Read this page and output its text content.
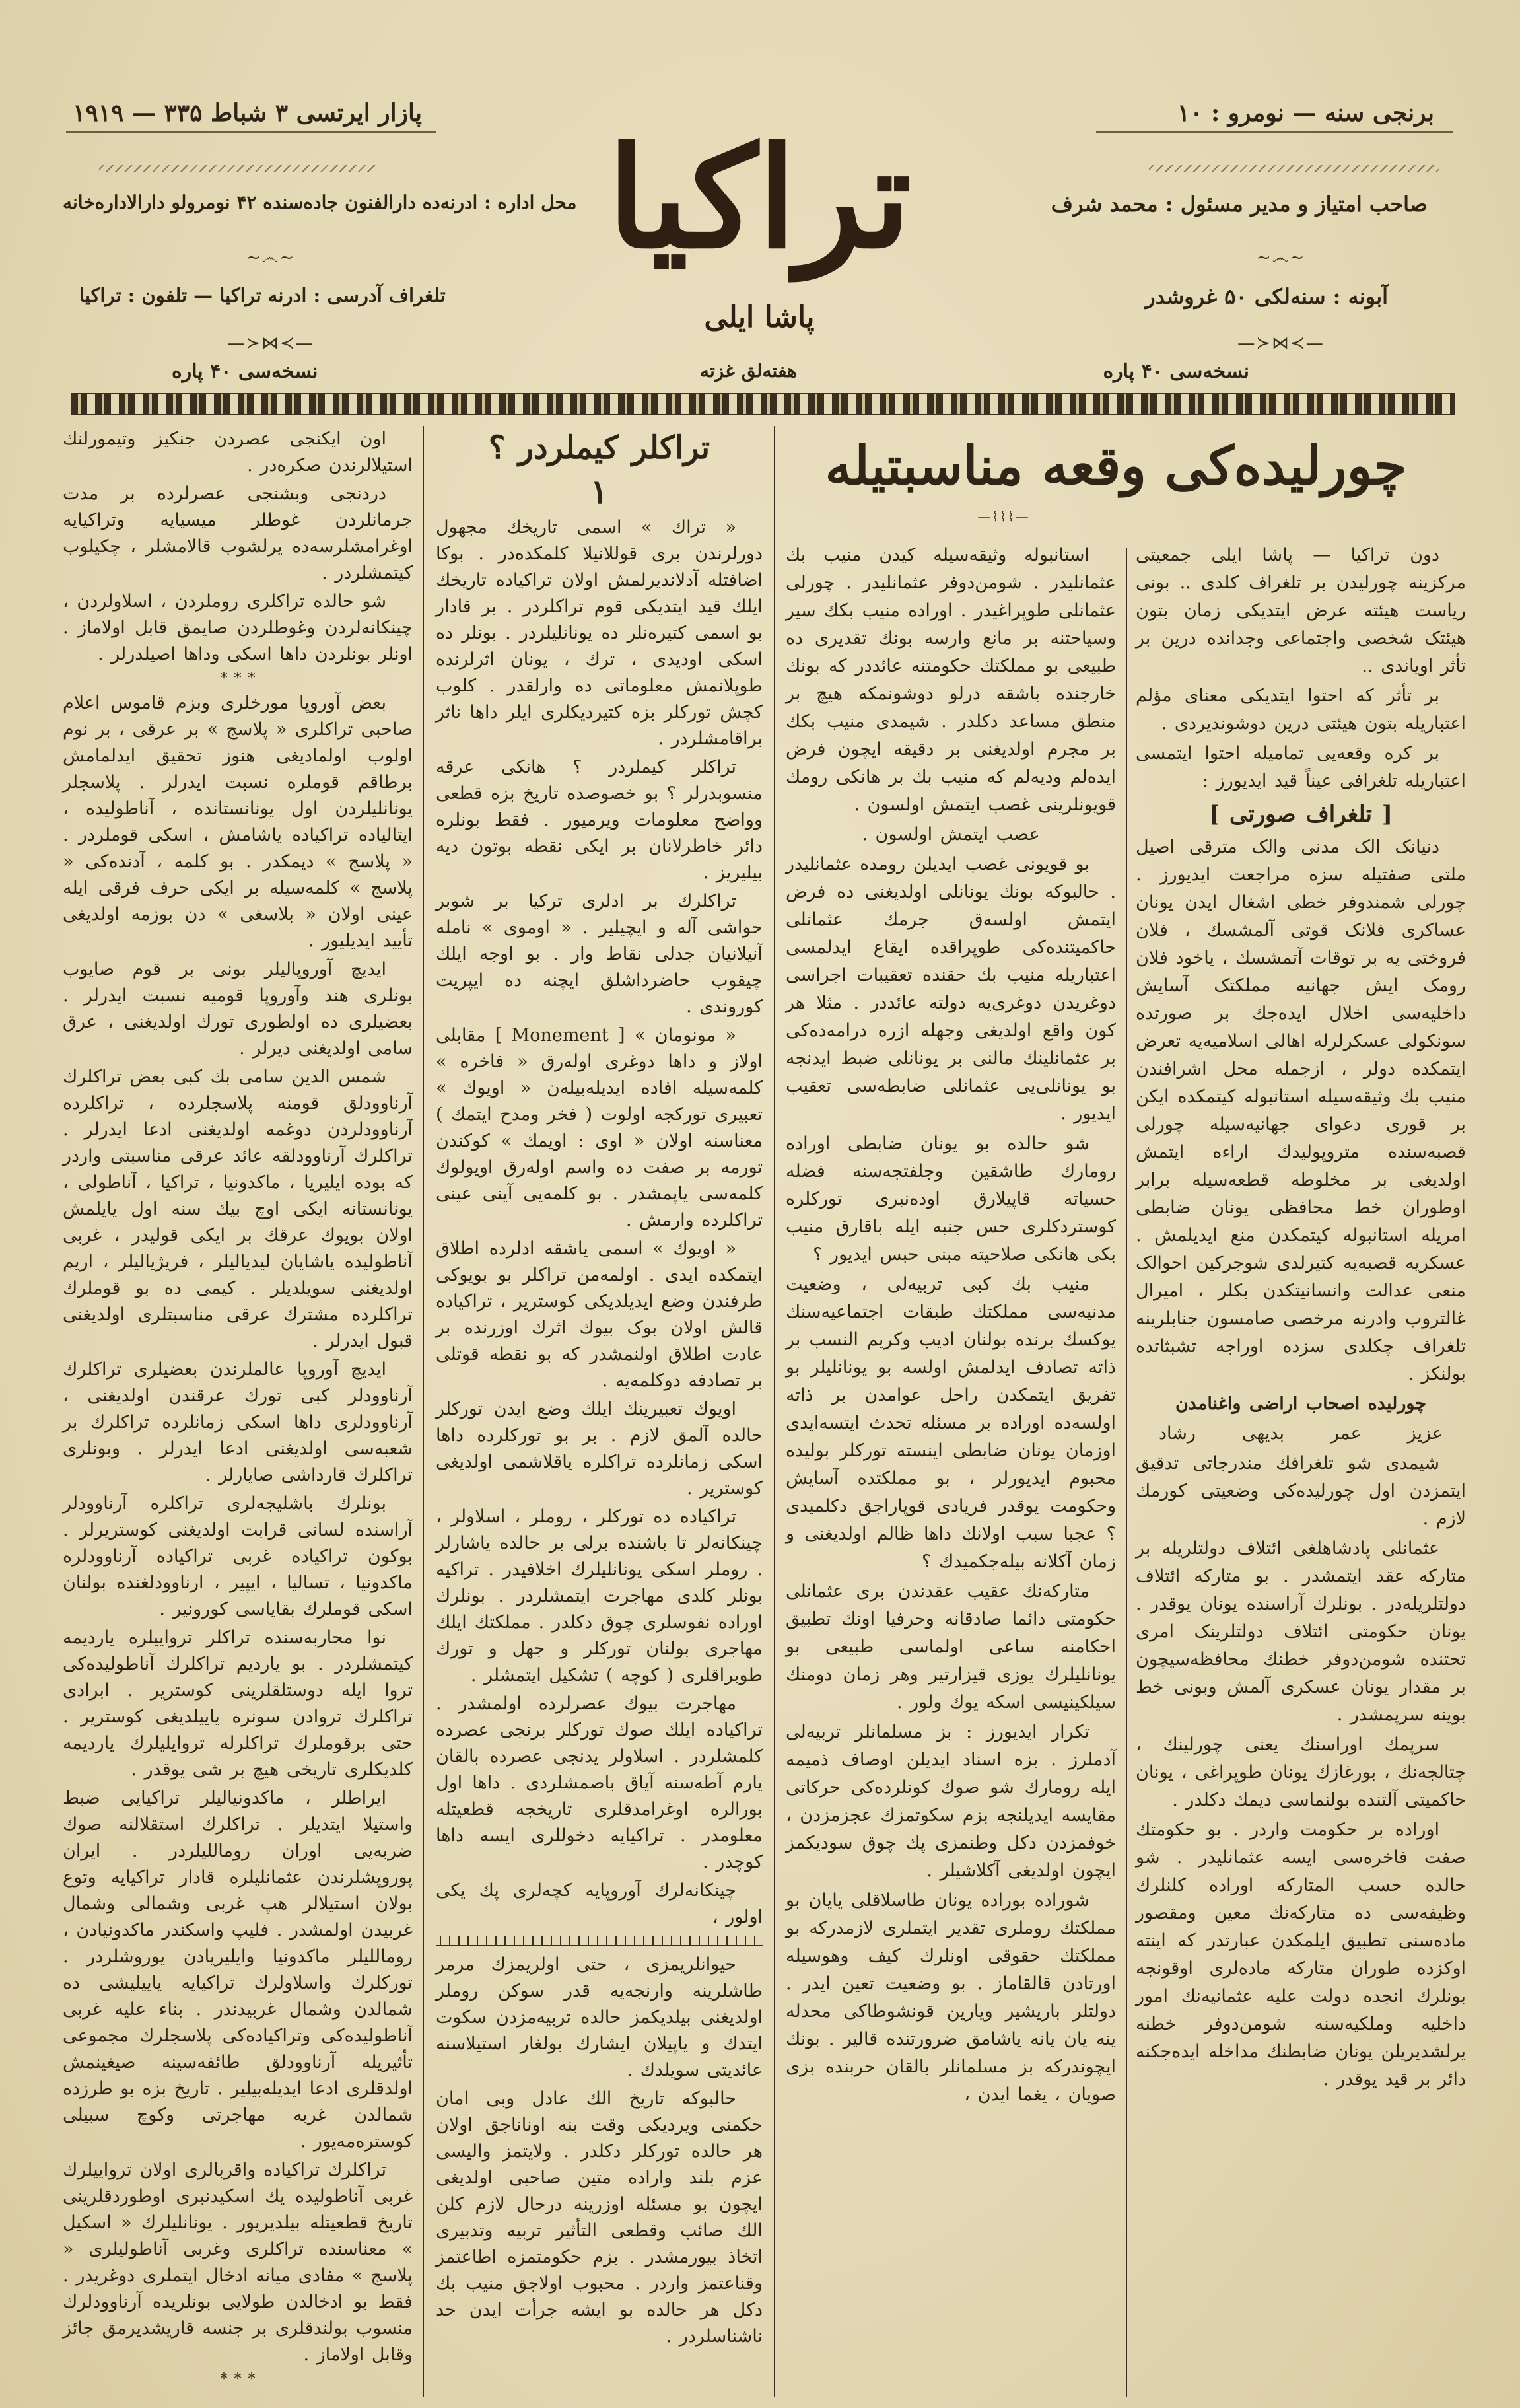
برنجی سنه — نومرو : ۱۰
پازار ایرتسی ۳ شباط ۳۳۵ — ۱۹۱۹
صاحب امتیاز و مدیر مسئول : محمد شرف
محل اداره : ادرنه‌ده دارالفنون جاده‌سنده ۴۲ نومرولو دار‌الاداره‌خانه
~෴~
~෴~
آبونه : سنه‌لکی ۵۰ غروشدر
تلغراف آدرسی : ادرنه تراکیا — تلفون : تراکیا
—≻⋈≺—
—≻⋈≺—
تراكيا
پاشا ایلی
نسخه‌سی ۴۰ پاره
هفته‌لق غزته
نسخه‌سی ۴۰ پاره
چورلیده‌کی وقعه مناسبتیله
—⌇⌇⌇—

دون تراکیا — پاشا ایلی جمعیتی مرکزینه چورلیدن بر تلغراف کلدی .. بونی ریاست هیئته عرض ایتدیکی زمان بتون هیئتک شخصی واجتماعی وجدانده درین بر تأثر اویاندی ..

بر تأثر که احتوا ایتدیکی معنای مؤلم اعتباریله بتون هیئتی درین دوشوندیردی .

بر کره وقعه‌یی تمامیله احتوا ایتمسی اعتباریله تلغرافی عیناً قید ایدیورز :

[ تلغراف صورتی ]

دنیانک الک مدنی والک مترقی اصیل ملتی صفتیله سزه مراجعت ایدیورز . چورلی شمندوفر خطی اشغال ایدن یونان عساکری فلانک قوتی آلمشسك ، فلان فروختی یه بر توقات آتمشسك ، یاخود فلان رومک ایش جهانیه مملکتک آسایش داخلیه‌سی اخلال ایده‌جك بر صورتده سونکولی عسکرلرله اهالی اسلامیه‌یه تعرض ایتمکده دولر ، ازجمله محل اشرافندن منیب بك وثیقه‌سیله استانبوله کیتمکده ایکن بر قوری دعوای جهانیه‌سیله چورلی قصبه‌سنده متروپولیدك اراءه ایتمش اولدیغی بر مخلوطه قطعه‌سیله برابر اوطوران خط محافظی یونان ضابطی امریله استانبوله کیتمکدن منع ایدیلمش . عسکریه قصبه‌یه کتیرلدی شوجرکین احوالک منعی عدالت وانسانیتکدن بکلر ، امیرال غالتروب وادرنه مرخصی صامسون جنابلرینه تلغراف چکلدی سزده اوراجه تشبثاتده بولنکز .

چورلیده اصحاب اراضی واغنامدن

عزیز
عمر
بدیهی
رشاد

شیمدی شو تلغرافك مندرجاتی تدقیق ایتمزدن اول چورلیده‌کی وضعیتی کورمك لازم .

عثمانلی پادشاهلغی ائتلاف دولتلریله بر متارکه عقد ایتمشدر . بو متارکه ائتلاف دولتلریله‌در . بونلرك آراسنده یونان یوقدر . یونان حکومتی ائتلاف دولتلرینک امری تحتنده شومن‌دوفر خطنك محافظه‌سیچون بر مقدار یونان عسکری آلمش وبونی خط بوینه سرپمشدر .

سرپمك اوراسنك یعنی چورلینك ، چتالجه‌نك ، بورغازك یونان طوپراغی ، یونان حاکمیتی آلتنده بولنماسی دیمك دکلدر .

اوراده بر حکومت واردر . بو حکومتك صفت فاخره‌سی ایسه عثمانلیدر . شو حالده حسب المتارکه اوراده کلنلرك وظیفه‌سی ده متارکه‌نك معین ومقصور ماده‌سنی تطبیق ایلمکدن عبارتدر که اینته اوکزده طوران متارکه ماده‌لری اوقونجه بونلرك انجده دولت علیه عثمانیه‌نك امور داخلیه وملکیه‌سنه شومن‌دوفر خطنه یرلشدیریلن یونان ضابطنك مداخله ایده‌جکنه دائر بر قید یوقدر .

استانبوله وثیقه‌سیله کیدن منیب بك عثمانلیدر . شومن‌دوفر عثمانلیدر . چورلی عثمانلی طوپراغیدر . اوراده منیب بکك سیر وسیاحتنه بر مانع وارسه بونك تقدیری ده طبیعی بو مملکتك حکومتنه عائددر که بونك خارجنده باشقه درلو دوشونمکه هیچ بر منطق مساعد دکلدر . شیمدی منیب بکك بر مجرم اولدیغنی بر دقیقه ایچون فرض ایده‌لم ودیه‌لم که منیب بك بر هانکی رومك قویونلرینی غصب ایتمش اولسون .

عصب ایتمش اولسون .

بو قویونی غصب ایدیلن رومده عثمانلیدر . حالبوکه بونك یونانلی اولدیغنی ده فرض ایتمش اولسه‌ق جرمك عثمانلی حاکمیتنده‌کی طوپراقده ایقاع ایدلمسی اعتباریله منیب بك حقنده تعقیبات اجراسی دوغریدن دوغری‌یه دولته عائددر . مثلا هر کون واقع اولدیغی وجهله ازره درامه‌ده‌کی بر عثمانلینك مالنی بر یونانلی ضبط ایدنجه بو یونانلی‌یی عثمانلی ضابطه‌سی تعقیب ایدیور .

شو حالده بو یونان ضابطی اوراده رومارك طاشقین وجلفتجه‌سنه فضله حسیاته قاپیلارق اوده‌نبری تورکلره کوستردکلری حس جنبه ایله باقارق منیب بکی هانکی صلاحیته مبنی حبس ایدیور ؟

منیب بك کبی تربیه‌لی ، وضعیت مدنیه‌سی مملکتك طبقات اجتماعیه‌سنك یوکسك برنده بولنان ادیب وکریم النسب بر ذاته تصادف ایدلمش اولسه بو یونانلیلر بو تفریق ایتمکدن راحل عوامدن بر ذاته اولسه‌ده اوراده بر مسئله تحدث ایتسه‌ایدی اوزمان یونان ضابطی اینسته تورکلر بولیده محبوم ایدیورلر ، بو مملکتده آسایش وحکومت یوقدر فریادی قوپاراجق دکلمیدی ؟ عجبا سبب اولانك داها ظالم اولدیغنی و زمان آکلانه بیله‌جکمیدك ؟

متارکه‌نك عقیب عقدندن بری عثمانلی حکومتی دائما صادقانه وحرفیا اونك تطبیق احکامنه ساعی اولماسی طبیعی بو یونانلیلرك یوزی قیزارتیر وهر زمان دومنك سیلکینیسی اسکه یوك ولور .

تکرار ایدیورز : بز مسلمانلر تربیه‌لی آدملرز . بزه اسناد ایدیلن اوصاف ذمیمه ایله رومارك شو صوك کونلرده‌کی حرکاتی مقایسه ایدیلنجه بزم سکوتمزك عجزمزدن ، خوفمزدن دکل وطنمزی پك چوق سودیکمز ایچون اولدیغی آکلاشیلر .

شوراده بوراده یونان طاسلاقلی یایان بو مملکتك روملری تقدیر ایتملری لازمدرکه بو مملکتك حقوقی اونلرك کیف وهوسیله اورتادن قالقاماز . بو وضعیت تعین ایدر . دولتلر باریشیر ویارین قونشوطاکی محدله ینه یان یانه یاشامق ضرورتنده قالیر . بونك ایچوندرکه بز مسلمانلر بالقان حربنده بزی صویان ، یغما ایدن ،

تراکلر کیملردر ؟

۱

« تراك » اسمی تاریخك مجهول دورلرندن بری قوللانیلا کلمکده‌در . بوکا اضافتله آدلاندیرلمش اولان تراکیاده تاریخك ایلك قید ایتدیکی قوم تراکلردر . بر قادار بو اسمی کتیره‌نلر ده یونانلیلردر . بونلر ده اسکی اودیدی ، ترك ، یونان اثرلرنده طوپلانمش معلوماتی ده وارلقدر . کلوب کچش تورکلر بزه کتیردیکلری ایلر داها ناثر براقامشلردر .

تراکلر کیملردر ؟ هانکی عرقه منسوبدرلر ؟ بو خصوصده تاریخ بزه قطعی وواضح معلومات ویرمیور . فقط بونلره دائر خاطرلانان بر ایکی نقطه بوتون دیه بیلیریز .

تراکلرك بر ادلری ترکیا بر شوبر حواشی آله و ایچیلیر . « اوموی » نامله آنیلانیان جدلی نقاط وار . بو اوجه ایلك چیقوب حاضرداشلق ایچنه ده ایپریت کوروندی .

« مونومان » [ Monement ] مقابلی اولاز و داها دوغری اوله‌رق « فاخره » کلمه‌سیله افاده ایدیله‌بیله‌ن « اویوك » تعبیری تورکجه اولوت ( فخر ومدح ایتمك ) معناسنه اولان « اوی : اویمك » کوکندن تورمه بر صفت ده واسم اوله‌رق اویولوك کلمه‌سی یاپمشدر . بو کلمه‌یی آینی عینی تراکلرده وارمش .

« اویوك » اسمی یاشقه ادلرده اطلاق ایتمکده ایدی . اولمه‌من تراکلر بو بویوکی طرفندن وضع ایدیلدیکی کوستریر ، تراکیاده قالش اولان بوک بیوك اثرك اوزرنده بر عادت اطلاق اولنمشدر که بو نقطه قوتلی بر تصادفه دوکلمه‌یه .

اویوك تعبیرینك ایلك وضع ایدن تورکلر حالده آلمق لازم . بر بو تورکلرده داها اسکی زمانلرده تراکلره یاقلاشمی اولدیغی کوستریر .

تراکیاده ده تورکلر ، روملر ، اسلاولر ، چینکانه‌لر تا باشنده برلی بر حالده یاشارلر . روملر اسکی یونانلیلرك اخلافیدر . تراکیه بونلر کلدی مهاجرت ایتمشلردر . بونلرك اوراده نفوسلری چوق دکلدر . مملکتك ایلك مهاجری بولنان تورکلر و جهل و تورك طوبراقلری ( کوچه ) تشکیل ایتمشلر .

مهاجرت بیوك عصرلرده اولمشدر . تراکیاده ایلك صوك تورکلر برنجی عصرده کلمشلردر . اسلاولر یدنجی عصرده بالقان یارم آطه‌سنه آیاق باصمشلردی . داها اول بورالره اوغرامدقلری تاریخجه قطعیتله معلومدر . تراکیایه دخوللری ایسه داها کوچدر .

چینکانه‌لرك آوروپایه کچه‌لری پك یکی اولور ،

حیوانلریمزی ، حتی اولریمزك مرمر طاشلرینه وارنجه‌یه قدر سوکن روملر اولدیغنی بیلدیکمز حالده تربیه‌مزدن سکوت ایتدك و یاپیلان ایشارك بولغار استیلاسنه عائدیتی سویلدك .

حالبوکه تاریخ الك عادل وبی امان حکمنی ویردیکی وقت بنه اوناناجق اولان هر حالده تورکلر دکلدر . ولایتمز والیسی عزم بلند واراده متین صاحبی اولدیغی ایچون بو مسئله اوزرینه درحال لازم کلن الك صائب وقطعی التأثیر تربیه وتدبیری اتخاذ بیورمشدر . بزم حکومتمزه اطاعتمز وقناعتمز واردر . محبوب اولاجق منیب بك دکل هر حالده بو ایشه جرأت ایدن حد ناشناسلردر .

اون ایکنجی عصردن جنکیز وتیمورلنك استیلالرندن صکره‌در .

دردنجی وبشنجی عصرلرده بر مدت جرمانلردن غوطلر میسیایه وتراکیایه اوغرامشلرسه‌ده یرلشوب قالامشلر ، چکیلوب کیتمشلردر .

شو حالده تراکلری روملردن ، اسلاولردن ، چینکانه‌لردن وغوطلردن صایمق قابل اولاماز . اونلر بونلردن داها اسکی وداها اصیلدرلر .

* * *

بعض آوروپا مورخلری وبزم قاموس اعلام صاحبی تراکلری « پلاسج » بر عرقی ، بر نوم اولوب اولمادیغی هنوز تحقیق ایدلمامش برطاقم قوملره نسبت ایدرلر . پلاسجلر یونانلیلردن اول یونانستانده ، آناطولیده ، ایتالیاده تراکیاده یاشامش ، اسکی قوملردر . « پلاسج » دیمکدر . بو کلمه ، آدنده‌کی « پلاسج » کلمه‌سیله بر ایکی حرف فرقی ایله عینی اولان « بلاسغی » دن بوزمه اولدیغی تأیید ایدیلیور .

ایدیچ آوروپالیلر بونی بر قوم صایوب بونلری هند وآوروپا قومیه نسبت ایدرلر . بعضیلری ده اولطوری تورك اولدیغنی ، عرق سامی اولدیغنی دیرلر .

شمس الدین سامی بك کبی بعض تراکلرك آرناوودلق قومنه پلاسجلرده ، تراکلرده آرناوودلردن دوغمه اولدیغنی ادعا ایدرلر . تراکلرك آرناوودلقه عائد عرقی مناسبتی واردر که بوده ایلیریا ، ماکدونیا ، تراکیا ، آناطولی ، یونانستانه ایکی اوچ بیك سنه اول یایلمش اولان بویوك عرقك بر ایکی قولیدر ، غربی آناطولیده یاشایان لیدیالیلر ، فریژیالیلر ، اریم اولدیغنی سویلدیلر . کیمی ده بو قوملرك تراکلرده مشترك عرقی مناسبتلری اولدیغنی قبول ایدرلر .

ایدیچ آوروپا عالملرندن بعضیلری تراکلرك آرناوودلر کبی تورك عرقندن اولدیغنی ، آرناوودلری داها اسکی زمانلرده تراکلرك بر شعبه‌سی اولدیغنی ادعا ایدرلر . وبونلری تراکلرك قارداشی صایارلر .

بونلرك باشلیجه‌لری تراکلره آرناوودلر آراسنده لسانی قرابت اولدیغنی کوستریرلر . بوکون تراکیاده غربی تراکیاده آرناوودلره ماکدونیا ، تسالیا ، ایپیر ، ارناوودلغنده بولنان اسکی قوملرك بقایاسی کورونیر .

نوا محاربه‌سنده تراکلر ترواییلره یاردیمه کیتمشلردر . بو یاردیم تراکلرك آناطولیده‌کی تروا ایله دوستلقلرینی کوستریر . ابرادی تراکلرك تروادن سونره یاییلدیغی کوستریر . حتی برقوملرك تراکلرله تروایلیلرك یاردیمه کلدیکلری تاریخی هیچ بر شی یوقدر .

ایراطلر ، ماکدونیالیلر تراکیایی ضبط واستیلا ایتدیلر . تراکلرك استقلالنه صوك ضربه‌یی اوران روماللیلردر . ایران پوروپشلرندن عثمانلیلره قادار تراکیایه وتوع بولان استیلالر هپ غربی وشمالی وشمال غربیدن اولمشدر . فلیپ واسکندر ماکدونیادن ، روماللیلر ماکدونیا وایلیریادن یوروشلردر . تورکلرك واسلاولرك تراکیایه یاییلیشی ده شمالدن وشمال غربیدندر . بناء علیه غربی آناطولیده‌کی وتراکیاده‌کی پلاسجلرك مجموعی تأثیریله آرناوودلق طائفه‌سینه صیغینمش اولدقلری ادعا ایدیله‌بیلیر . تاریخ بزه بو طرزده شمالدن غربه مهاجرتی وکوچ سبیلی کوستره‌مه‌یور .

تراکلرك تراکیاده واقربالری اولان ترواییلرك غربی آناطولیده یك اسکیدنبری اوطوردقلرینی تاریخ قطعیتله بیلدیریور . یونانلیلرك « اسکیل » معناسنده تراکلری وغربی آناطولیلری « پلاسج » مفادی میانه ادخال ایتملری دوغریدر . فقط بو ادخالدن طولایی بونلریده آرناوودلرك منسوب بولندقلری بر جنسه قاریشدیرمق جائز وقابل اولاماز .

* * *
